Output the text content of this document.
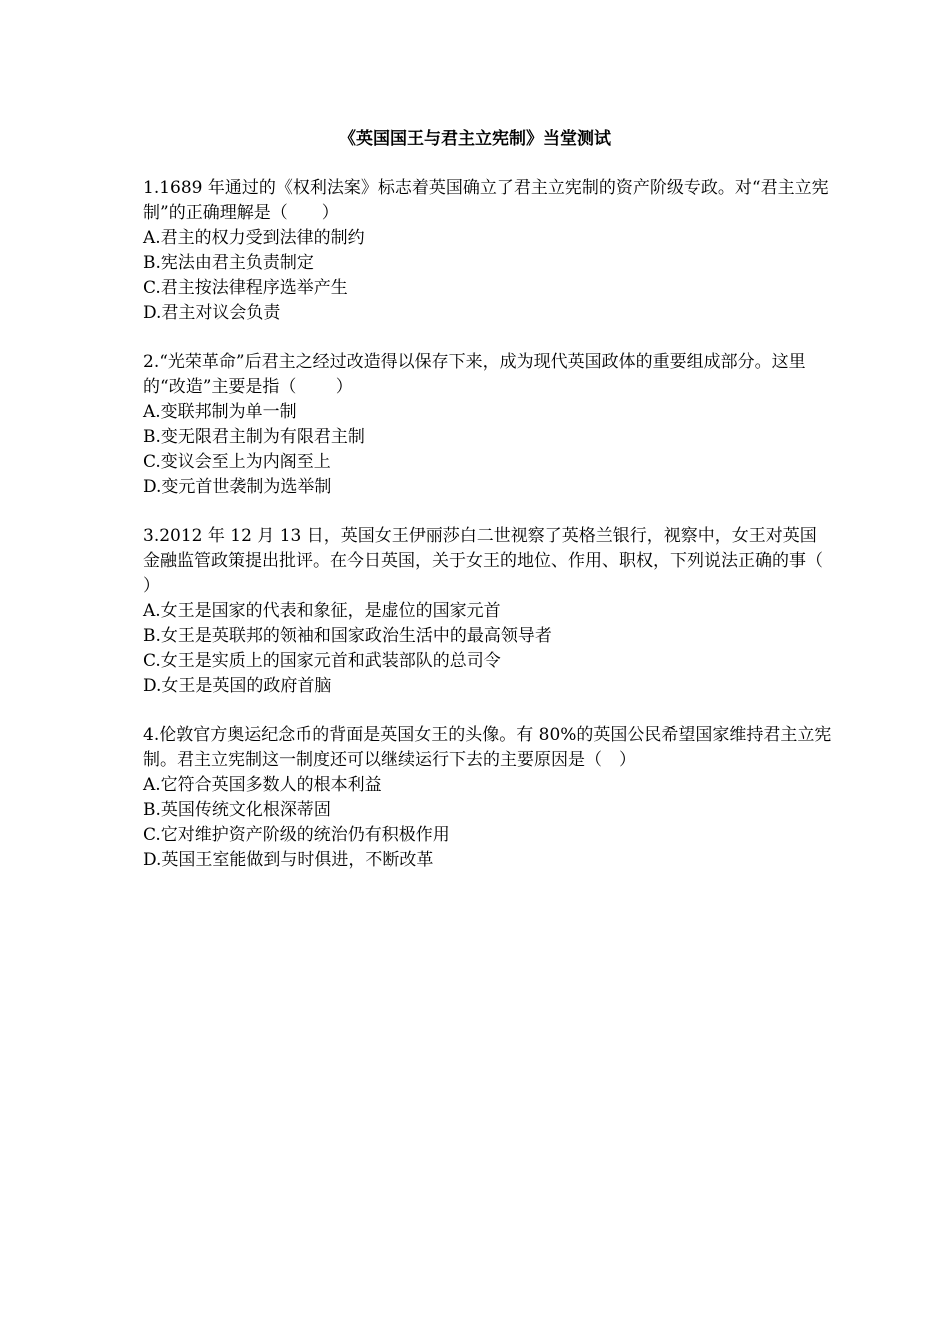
《英国国王与君主立宪制》当堂测试

1.1689 年通过的《权利法案》标志着英国确立了君主立宪制的资产阶级专政。对“君主立宪制”的正确理解是（　　）

A.君主的权力受到法律的制约

B.宪法由君主负责制定

C.君主按法律程序选举产生

D.君主对议会负责

2.“光荣革命”后君主之经过改造得以保存下来，成为现代英国政体的重要组成部分。这里的“改造”主要是指（　　 ）

A.变联邦制为单一制

B.变无限君主制为有限君主制

C.变议会至上为内阁至上

D.变元首世袭制为选举制

3.2012 年 12 月 13 日，英国女王伊丽莎白二世视察了英格兰银行，视察中，女王对英国金融监管政策提出批评。在今日英国，关于女王的地位、作用、职权，下列说法正确的事（　　 ）

A.女王是国家的代表和象征，是虚位的国家元首

B.女王是英联邦的领袖和国家政治生活中的最高领导者

C.女王是实质上的国家元首和武装部队的总司令

D.女王是英国的政府首脑

4.伦敦官方奥运纪念币的背面是英国女王的头像。有 80%的英国公民希望国家维持君主立宪制。君主立宪制这一制度还可以继续运行下去的主要原因是（　）

A.它符合英国多数人的根本利益

B.英国传统文化根深蒂固

C.它对维护资产阶级的统治仍有积极作用

D.英国王室能做到与时俱进，不断改革
